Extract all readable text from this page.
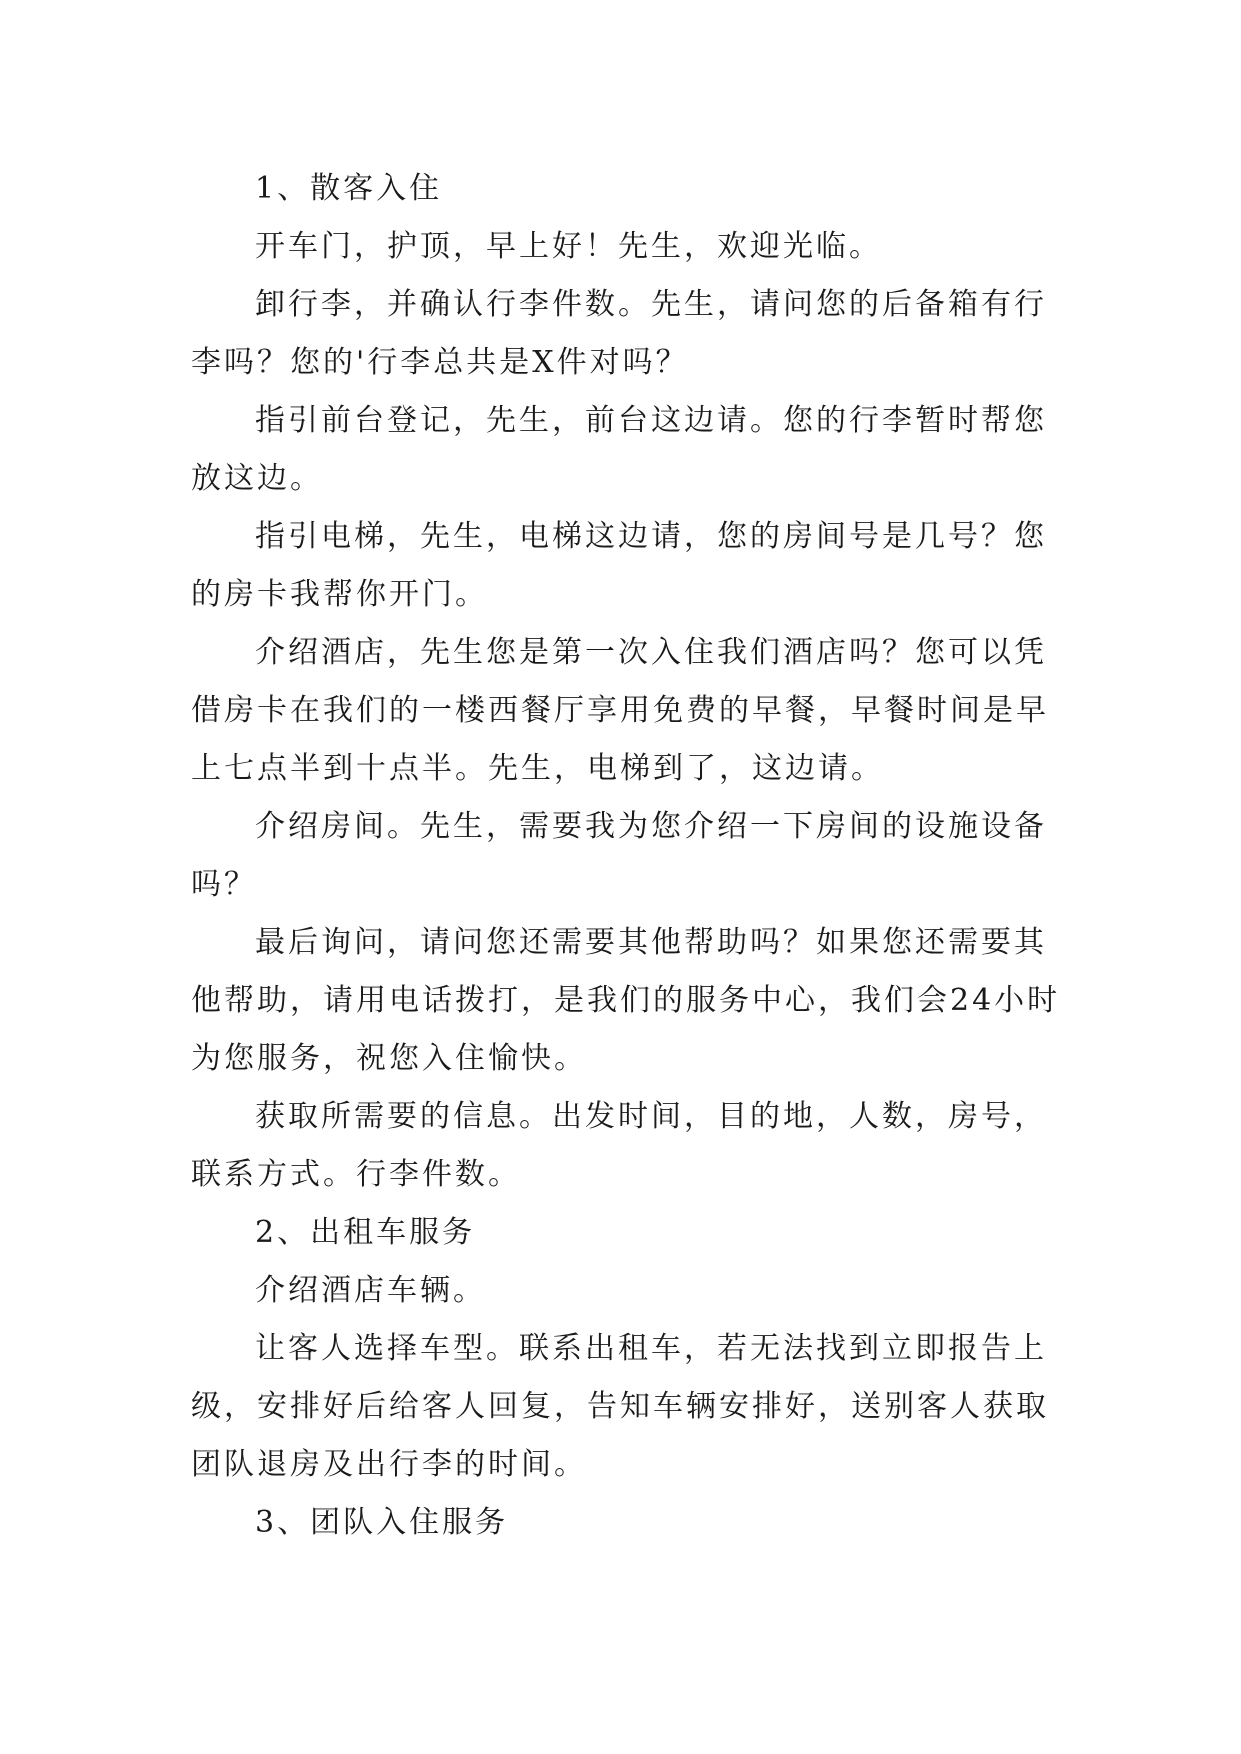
1、散客入住

开车门，护顶，早上好！先生，欢迎光临。

卸行李，并确认行李件数。先生，请问您的后备箱有行李吗？您的'行李总共是X件对吗？

指引前台登记，先生，前台这边请。您的行李暂时帮您放这边。

指引电梯，先生，电梯这边请，您的房间号是几号？您的房卡我帮你开门。

介绍酒店，先生您是第一次入住我们酒店吗？您可以凭借房卡在我们的一楼西餐厅享用免费的早餐，早餐时间是早上七点半到十点半。先生，电梯到了，这边请。

介绍房间。先生，需要我为您介绍一下房间的设施设备吗？

最后询问，请问您还需要其他帮助吗？如果您还需要其他帮助，请用电话拨打，是我们的服务中心，我们会24小时为您服务，祝您入住愉快。

获取所需要的信息。出发时间，目的地，人数，房号，联系方式。行李件数。

2、出租车服务

介绍酒店车辆。

让客人选择车型。联系出租车，若无法找到立即报告上级，安排好后给客人回复，告知车辆安排好，送别客人获取团队退房及出行李的时间。

3、团队入住服务
